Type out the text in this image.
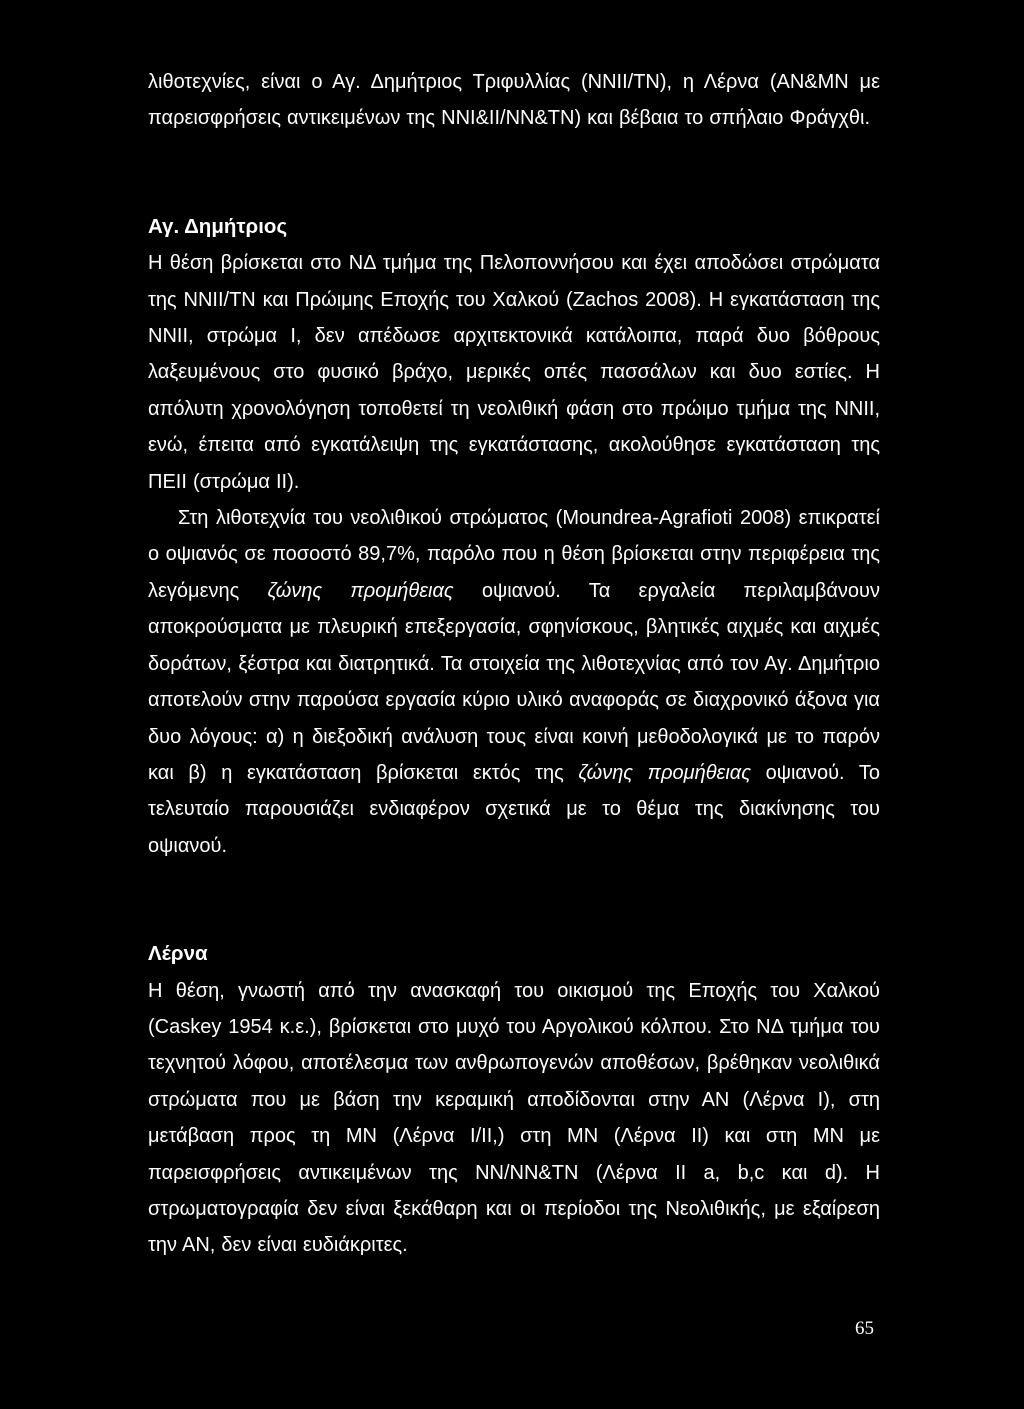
λιθοτεχνίες, είναι ο Αγ. Δημήτριος Τριφυλλίας (ΝΝΙΙ/ΤΝ), η Λέρνα (ΑΝ&ΜΝ με παρεισφρήσεις αντικειμένων της ΝΝΙ&ΙΙ/ΝΝ&ΤΝ) και βέβαια το σπήλαιο Φράγχθι.

Αγ. Δημήτριος

Η θέση βρίσκεται στο ΝΔ τμήμα της Πελοποννήσου και έχει αποδώσει στρώματα της ΝΝΙΙ/ΤΝ και Πρώιμης Εποχής του Χαλκού (Zachos 2008). Η εγκατάσταση της ΝΝΙΙ, στρώμα Ι, δεν απέδωσε αρχιτεκτονικά κατάλοιπα, παρά δυο βόθρους λαξευμένους στο φυσικό βράχο, μερικές οπές πασσάλων και δυο εστίες. Η απόλυτη χρονολόγηση τοποθετεί τη νεολιθική φάση στο πρώιμο τμήμα της ΝΝΙΙ, ενώ, έπειτα από εγκατάλειψη της εγκατάστασης, ακολούθησε εγκατάσταση της ΠΕΙΙ (στρώμα ΙΙ).

Στη λιθοτεχνία του νεολιθικού στρώματος (Moundrea-Agrafioti 2008) επικρατεί ο οψιανός σε ποσοστό 89,7%, παρόλο που η θέση βρίσκεται στην περιφέρεια της λεγόμενης ζώνης προμήθειας οψιανού. Τα εργαλεία περιλαμβάνουν αποκρούσματα με πλευρική επεξεργασία, σφηνίσκους, βλητικές αιχμές και αιχμές δοράτων, ξέστρα και διατρητικά. Τα στοιχεία της λιθοτεχνίας από τον Αγ. Δημήτριο αποτελούν στην παρούσα εργασία κύριο υλικό αναφοράς σε διαχρονικό άξονα για δυο λόγους: α) η διεξοδική ανάλυση τους είναι κοινή μεθοδολογικά με το παρόν και β) η εγκατάσταση βρίσκεται εκτός της ζώνης προμήθειας οψιανού. Το τελευταίο παρουσιάζει ενδιαφέρον σχετικά με το θέμα της διακίνησης του οψιανού.

Λέρνα

Η θέση, γνωστή από την ανασκαφή του οικισμού της Εποχής του Χαλκού (Caskey 1954 κ.ε.), βρίσκεται στο μυχό του Αργολικού κόλπου. Στο ΝΔ τμήμα του τεχνητού λόφου, αποτέλεσμα των ανθρωπογενών αποθέσων, βρέθηκαν νεολιθικά στρώματα που με βάση την κεραμική αποδίδονται στην ΑΝ (Λέρνα Ι), στη μετάβαση προς τη ΜΝ (Λέρνα Ι/ΙΙ,) στη ΜΝ (Λέρνα ΙΙ) και στη ΜΝ με παρεισφρήσεις αντικειμένων της ΝΝ/ΝΝ&ΤΝ (Λέρνα ΙΙ a, b,c και d). Η στρωματογραφία δεν είναι ξεκάθαρη και οι περίοδοι της Νεολιθικής, με εξαίρεση την ΑΝ, δεν είναι ευδιάκριτες.

65
